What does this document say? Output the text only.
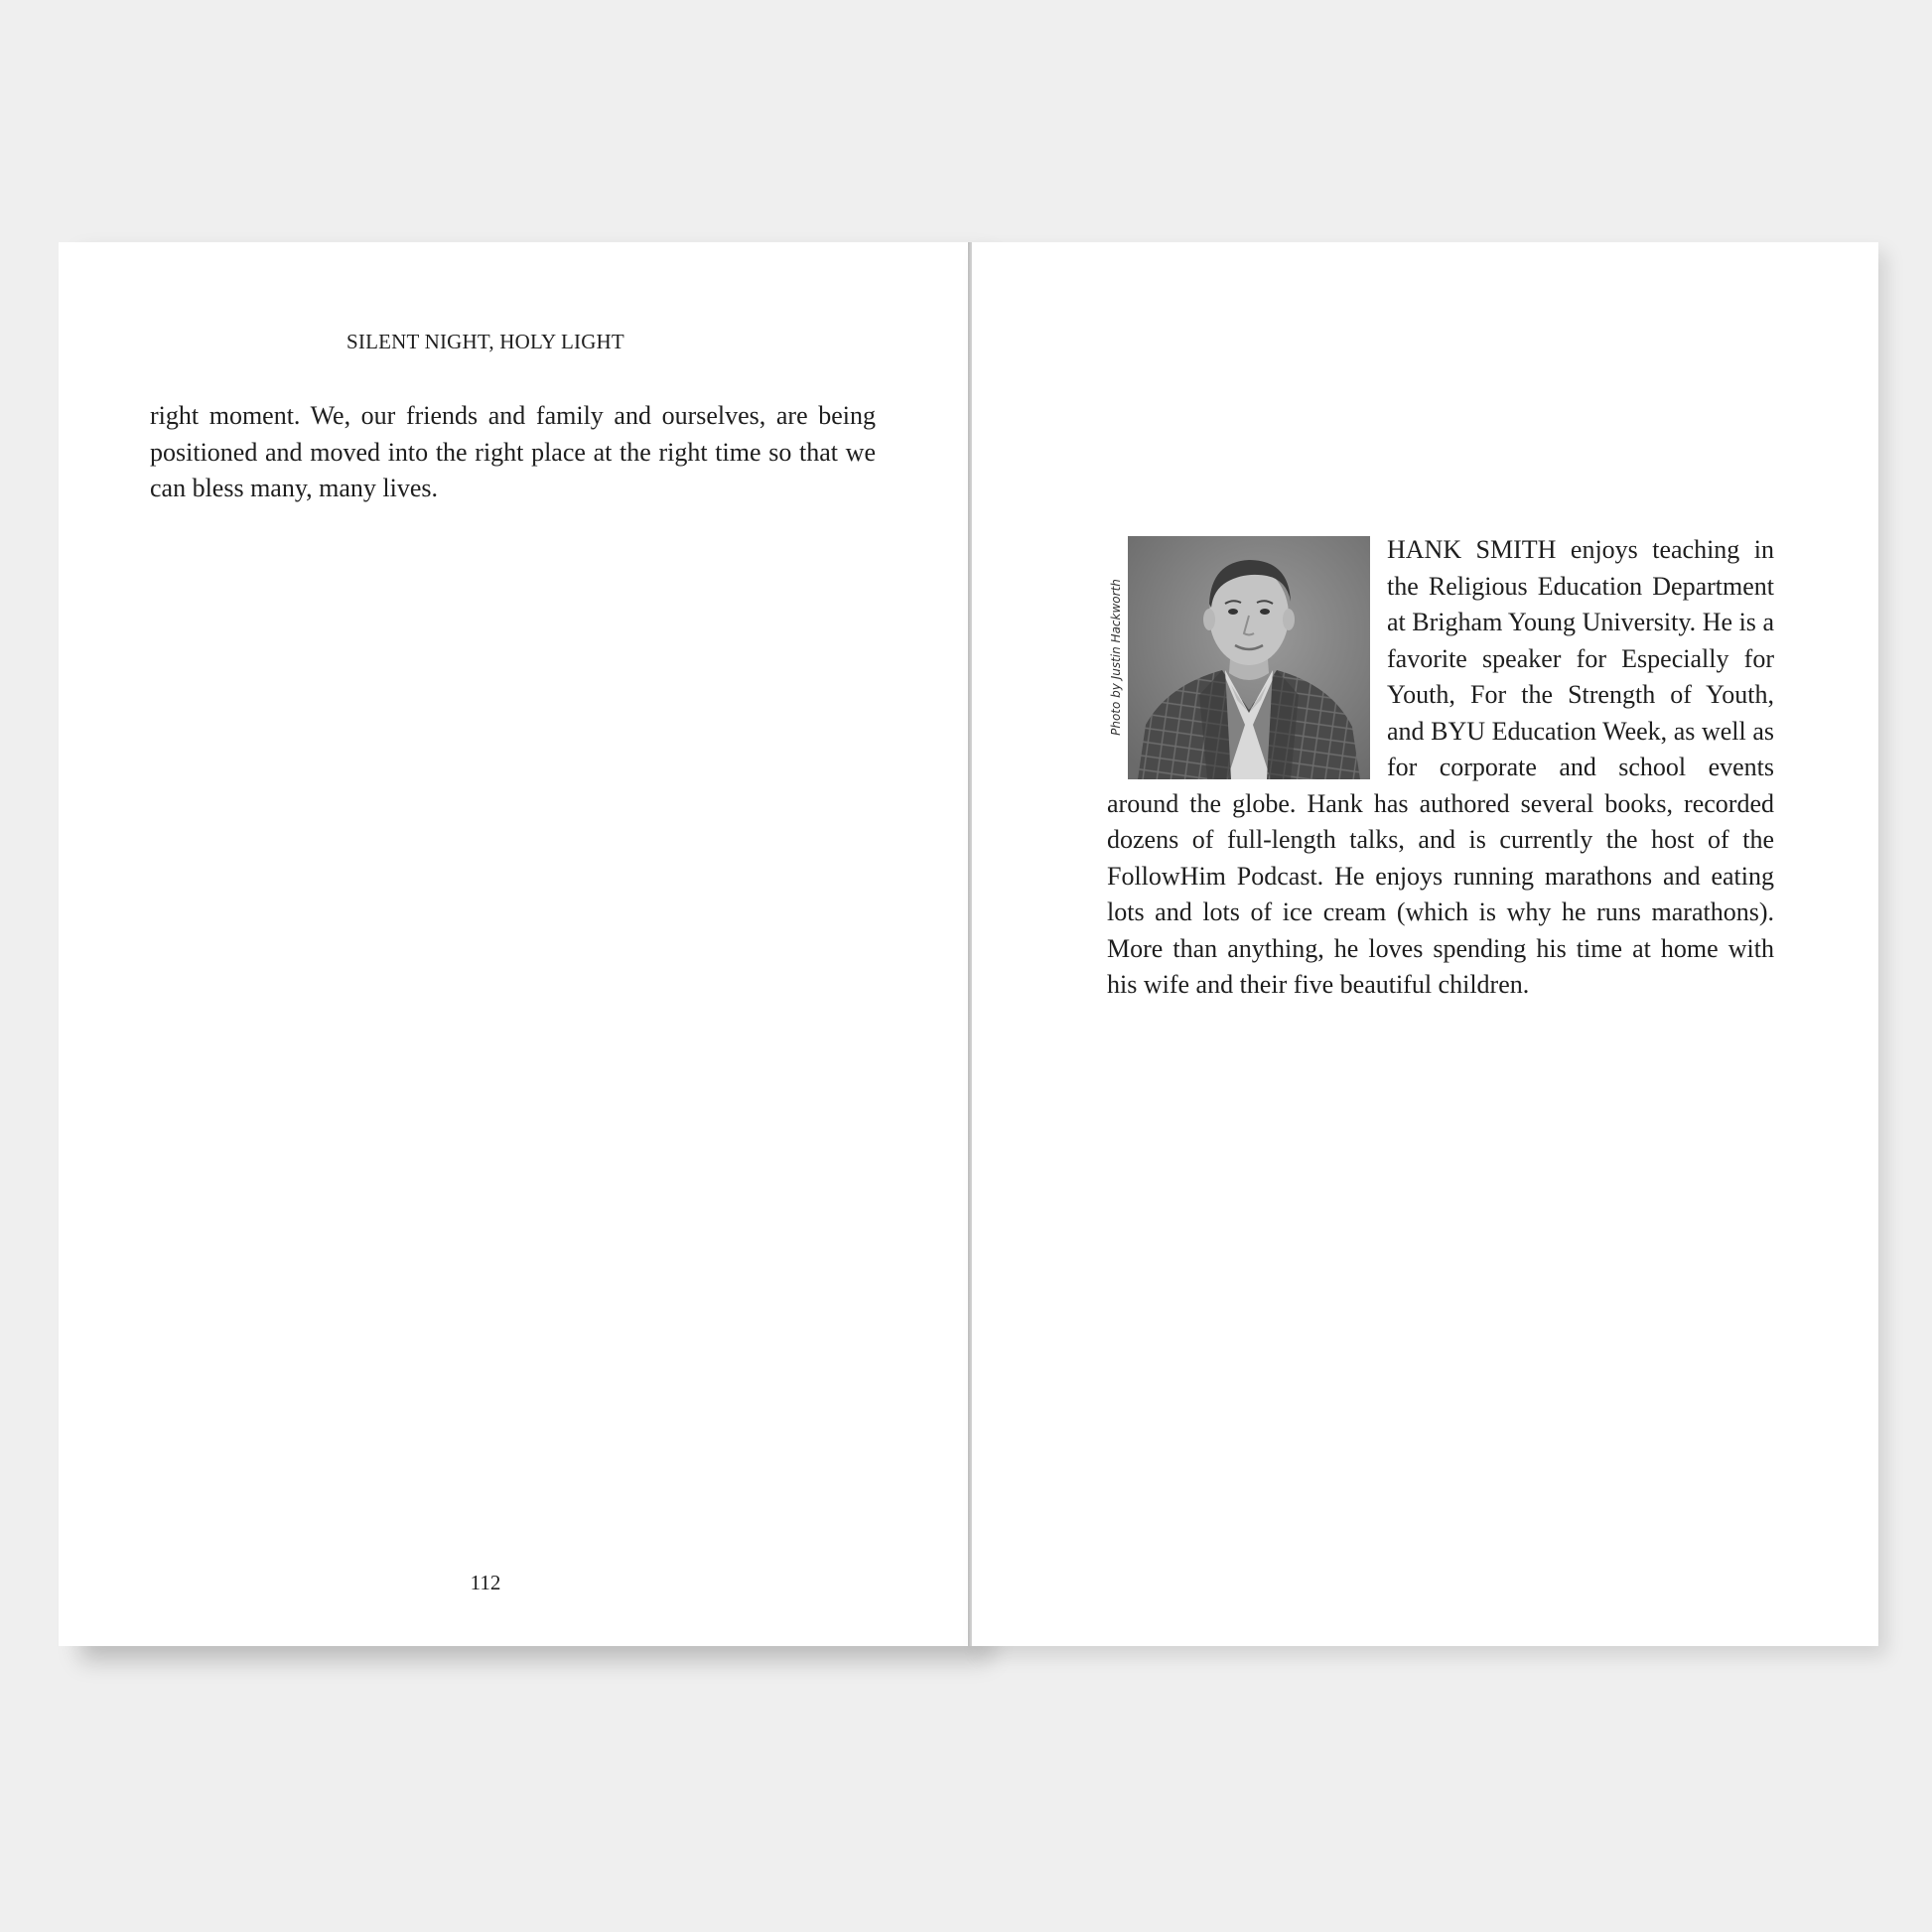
SILENT NIGHT, HOLY LIGHT

right moment. We, our friends and family and ourselves, are being positioned and moved into the right place at the right time so that we can bless many, many lives.

112

Photo by Justin Hackworth
HANK SMITH enjoys teaching in the Religious Education Department at Brigham Young University. He is a favorite speaker for Especially for Youth, For the Strength of Youth, and BYU Education Week, as well as for corporate and school events around the globe. Hank has authored several books, recorded dozens of full-length talks, and is currently the host of the FollowHim Podcast. He enjoys running marathons and eating lots and lots of ice cream (which is why he runs marathons). More than anything, he loves spending his time at home with his wife and their five beautiful children.
